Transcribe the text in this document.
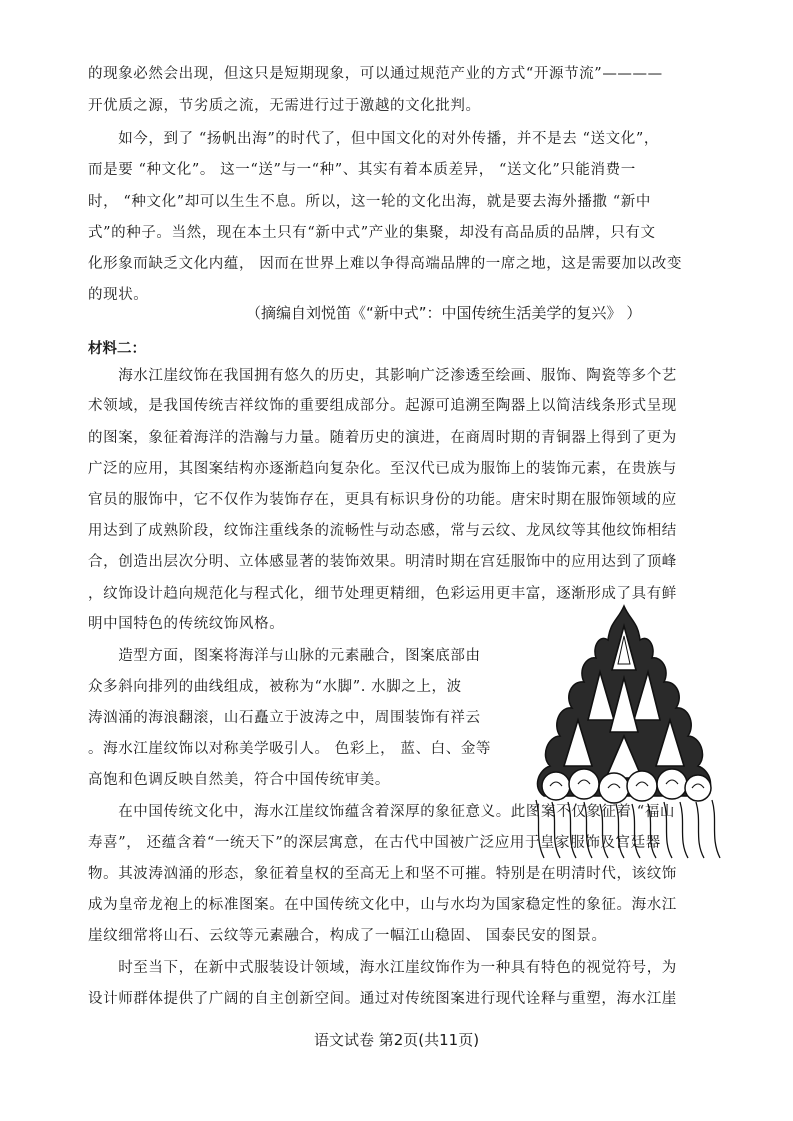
的现象必然会出现，但这只是短期现象，可以通过规范产业的方式“开源节流”————
开优质之源，节劣质之流，无需进行过于激越的文化批判。
　　如今，到了 “扬帆出海”的时代了，但中国文化的对外传播，并不是去 “送文化”，
而是要 “种文化”。 这一“送”与一“种”、其实有着本质差异， “送文化”只能消费一
时， “种文化”却可以生生不息。所以，这一轮的文化出海，就是要去海外播撒 “新中
式”的种子。当然，现在本土只有“新中式”产业的集聚，却没有高品质的品牌，只有文
化形象而缺乏文化内蕴， 因而在世界上难以争得高端品牌的一席之地，这是需要加以改变
的现状。
（摘编自刘悦笛《“新中式”：中国传统生活美学的复兴》 ）
材料二：
　　海水江崖纹饰在我国拥有悠久的历史，其影响广泛渗透至绘画、服饰、陶瓷等多个艺
术领域，是我国传统吉祥纹饰的重要组成部分。起源可追溯至陶器上以简洁线条形式呈现
的图案，象征着海洋的浩瀚与力量。随着历史的演进，在商周时期的青铜器上得到了更为
广泛的应用，其图案结构亦逐渐趋向复杂化。至汉代已成为服饰上的装饰元素，在贵族与
官员的服饰中，它不仅作为装饰存在，更具有标识身份的功能。唐宋时期在服饰领域的应
用达到了成熟阶段，纹饰注重线条的流畅性与动态感，常与云纹、龙凤纹等其他纹饰相结
合，创造出层次分明、立体感显著的装饰效果。明清时期在宫廷服饰中的应用达到了顶峰
，纹饰设计趋向规范化与程式化，细节处理更精细，色彩运用更丰富，逐渐形成了具有鲜
明中国特色的传统纹饰风格。
　　造型方面，图案将海洋与山脉的元素融合，图案底部由
众多斜向排列的曲线组成，被称为“水脚”. 水脚之上，波
涛汹涌的海浪翻滚，山石矗立于波涛之中，周围装饰有祥云
。海水江崖纹饰以对称美学吸引人。 色彩上， 蓝、白、金等
高饱和色调反映自然美，符合中国传统审美。
　　在中国传统文化中，海水江崖纹饰蕴含着深厚的象征意义。此图案不仅象征着 “福山
寿喜”， 还蕴含着“一统天下”的深层寓意，在古代中国被广泛应用于皇家服饰及宫廷器
物。其波涛汹涌的形态，象征着皇权的至高无上和坚不可摧。特别是在明清时代，该纹饰
成为皇帝龙袍上的标准图案。在中国传统文化中，山与水均为国家稳定性的象征。海水江
崖纹细常将山石、云纹等元素融合，构成了一幅江山稳固、 国泰民安的图景。
　　时至当下，在新中式服装设计领域，海水江崖纹饰作为一种具有特色的视觉符号，为
设计师群体提供了广阔的自主创新空间。通过对传统图案进行现代诠释与重塑，海水江崖
语文试卷 第2页(共11页)
